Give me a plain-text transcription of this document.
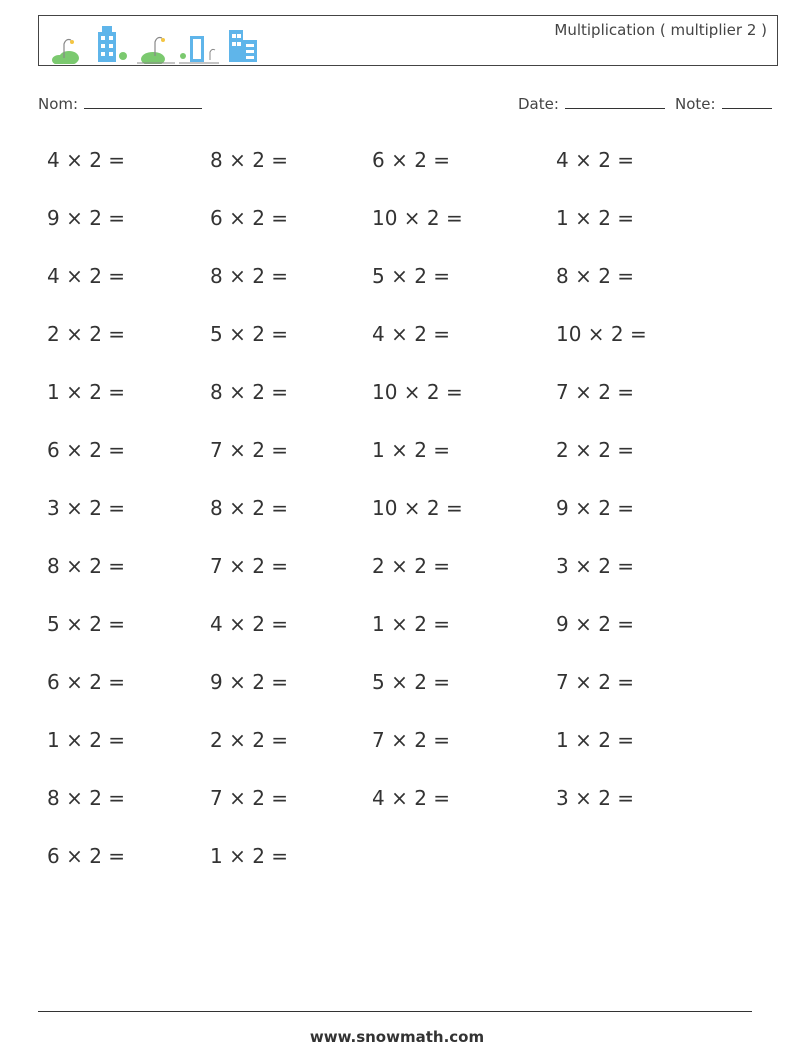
Multiplication ( multiplier 2 )
Nom:	Date:	Note:
4 × 2 =	8 × 2 =	6 × 2 =	4 × 2 =
9 × 2 =	6 × 2 =	10 × 2 =	1 × 2 =
4 × 2 =	8 × 2 =	5 × 2 =	8 × 2 =
2 × 2 =	5 × 2 =	4 × 2 =	10 × 2 =
1 × 2 =	8 × 2 =	10 × 2 =	7 × 2 =
6 × 2 =	7 × 2 =	1 × 2 =	2 × 2 =
3 × 2 =	8 × 2 =	10 × 2 =	9 × 2 =
8 × 2 =	7 × 2 =	2 × 2 =	3 × 2 =
5 × 2 =	4 × 2 =	1 × 2 =	9 × 2 =
6 × 2 =	9 × 2 =	5 × 2 =	7 × 2 =
1 × 2 =	2 × 2 =	7 × 2 =	1 × 2 =
8 × 2 =	7 × 2 =	4 × 2 =	3 × 2 =
6 × 2 =	1 × 2 =
www.snowmath.com
